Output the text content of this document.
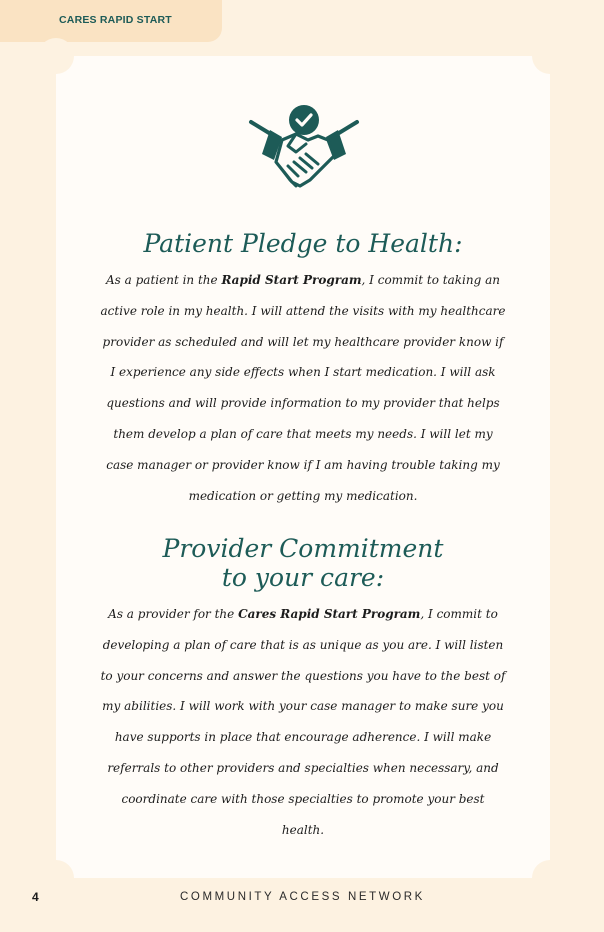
CARES RAPID START
Patient Pledge to Health:

As a patient in the Rapid Start Program, I commit to taking an active role in my health. I will attend the visits with my healthcare provider as scheduled and will let my healthcare provider know if I experience any side effects when I start medication. I will ask questions and will provide information to my provider that helps them develop a plan of care that meets my needs. I will let my case manager or provider know if I am having trouble taking my medication or getting my medication.

Provider Commitment
to your care:

As a provider for the Cares Rapid Start Program, I commit to developing a plan of care that is as unique as you are. I will listen to your concerns and answer the questions you have to the best of my abilities. I will work with your case manager to make sure you have supports in place that encourage adherence. I will make referrals to other providers and specialties when necessary, and coordinate care with those specialties to promote your best health.

4	COMMUNITY ACCESS NETWORK
